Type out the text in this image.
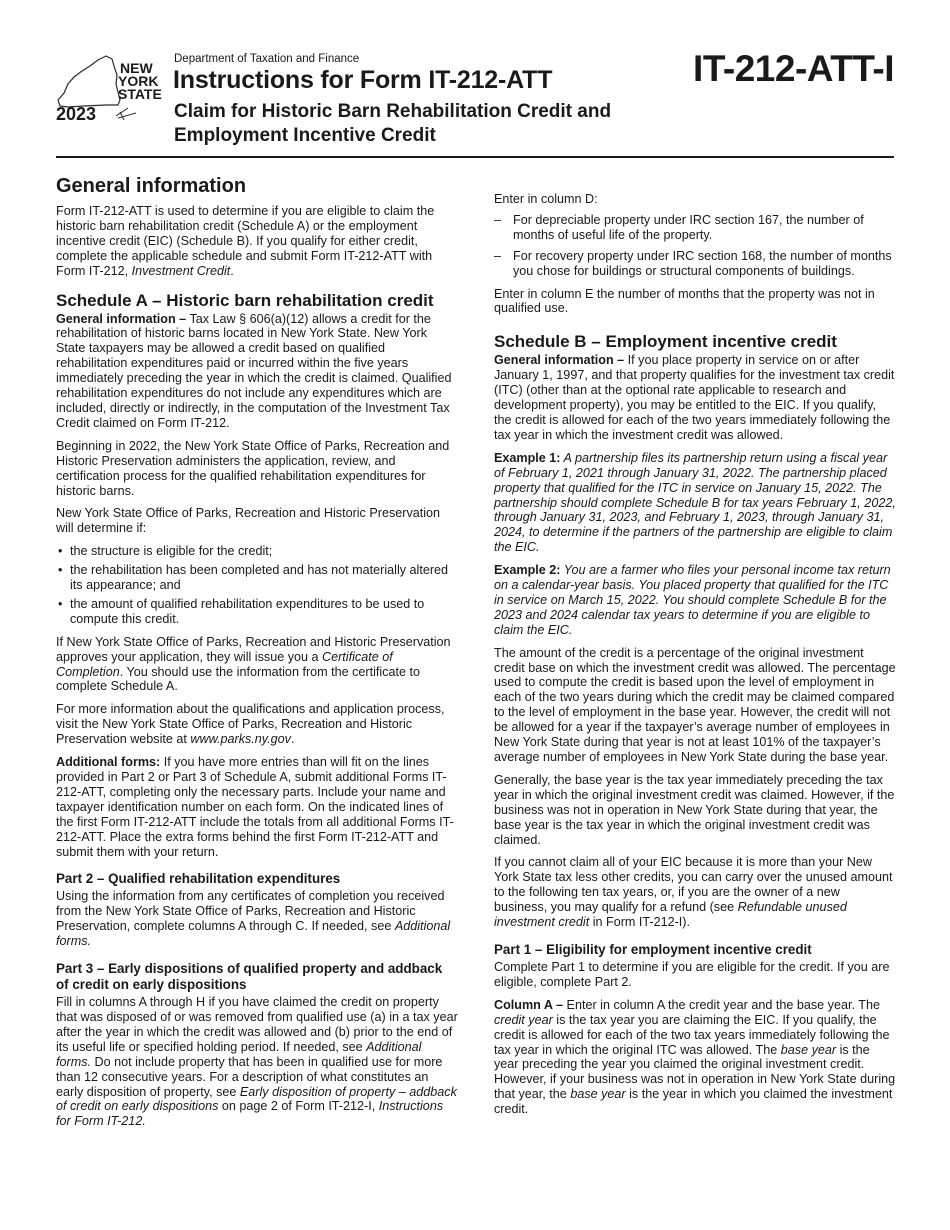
NEW
YORK
STATE
2023
Department of Taxation and Finance
Instructions for Form IT-212-ATT
Claim for Historic Barn Rehabilitation Credit and Employment Incentive Credit
IT-212-ATT-I
General information

Form IT-212-ATT is used to determine if you are eligible to claim the historic barn rehabilitation credit (Schedule A) or the employment incentive credit (EIC) (Schedule B). If you qualify for either credit, complete the applicable schedule and submit Form IT-212-ATT with Form IT-212, Investment Credit.

Schedule A – Historic barn rehabilitation credit

General information – Tax Law § 606(a)(12) allows a credit for the rehabilitation of historic barns located in New York State. New York State taxpayers may be allowed a credit based on qualified rehabilitation expenditures paid or incurred within the five years immediately preceding the year in which the credit is claimed. Qualified rehabilitation expenditures do not include any expenditures which are included, directly or indirectly, in the computation of the Investment Tax Credit claimed on Form IT-212.

Beginning in 2022, the New York State Office of Parks, Recreation and Historic Preservation administers the application, review, and certification process for the qualified rehabilitation expenditures for historic barns.

New York State Office of Parks, Recreation and Historic Preservation will determine if:

• the structure is eligible for the credit;
• the rehabilitation has been completed and has not materially altered its appearance; and
• the amount of qualified rehabilitation expenditures to be used to compute this credit.

If New York State Office of Parks, Recreation and Historic Preservation approves your application, they will issue you a Certificate of Completion. You should use the information from the certificate to complete Schedule A.

For more information about the qualifications and application process, visit the New York State Office of Parks, Recreation and Historic Preservation website at www.parks.ny.gov.

Additional forms: If you have more entries than will fit on the lines provided in Part 2 or Part 3 of Schedule A, submit additional Forms IT-212-ATT, completing only the necessary parts. Include your name and taxpayer identification number on each form. On the indicated lines of the first Form IT-212-ATT include the totals from all additional Forms IT-212-ATT. Place the extra forms behind the first Form IT-212-ATT and submit them with your return.

Part 2 – Qualified rehabilitation expenditures

Using the information from any certificates of completion you received from the New York State Office of Parks, Recreation and Historic Preservation, complete columns A through C. If needed, see Additional forms.

Part 3 – Early dispositions of qualified property and addback of credit on early dispositions

Fill in columns A through H if you have claimed the credit on property that was disposed of or was removed from qualified use (a) in a tax year after the year in which the credit was allowed and (b) prior to the end of its useful life or specified holding period. If needed, see Additional forms. Do not include property that has been in qualified use for more than 12 consecutive years. For a description of what constitutes an early disposition of property, see Early disposition of property – addback of credit on early dispositions on page 2 of Form IT-212-I, Instructions for Form IT-212.

Enter in column D:

– For depreciable property under IRC section 167, the number of months of useful life of the property.
– For recovery property under IRC section 168, the number of months you chose for buildings or structural components of buildings.

Enter in column E the number of months that the property was not in qualified use.

Schedule B – Employment incentive credit

General information – If you place property in service on or after January 1, 1997, and that property qualifies for the investment tax credit (ITC) (other than at the optional rate applicable to research and development property), you may be entitled to the EIC. If you qualify, the credit is allowed for each of the two years immediately following the tax year in which the investment credit was allowed.

Example 1: A partnership files its partnership return using a fiscal year of February 1, 2021 through January 31, 2022. The partnership placed property that qualified for the ITC in service on January 15, 2022. The partnership should complete Schedule B for tax years February 1, 2022, through January 31, 2023, and February 1, 2023, through January 31, 2024, to determine if the partners of the partnership are eligible to claim the EIC.

Example 2: You are a farmer who files your personal income tax return on a calendar-year basis. You placed property that qualified for the ITC in service on March 15, 2022. You should complete Schedule B for the 2023 and 2024 calendar tax years to determine if you are eligible to claim the EIC.

The amount of the credit is a percentage of the original investment credit base on which the investment credit was allowed. The percentage used to compute the credit is based upon the level of employment in each of the two years during which the credit may be claimed compared to the level of employment in the base year. However, the credit will not be allowed for a year if the taxpayer’s average number of employees in New York State during that year is not at least 101% of the taxpayer’s average number of employees in New York State during the base year.

Generally, the base year is the tax year immediately preceding the tax year in which the original investment credit was claimed. However, if the business was not in operation in New York State during that year, the base year is the tax year in which the original investment credit was claimed.

If you cannot claim all of your EIC because it is more than your New York State tax less other credits, you can carry over the unused amount to the following ten tax years, or, if you are the owner of a new business, you may qualify for a refund (see Refundable unused investment credit in Form IT-212-I).

Part 1 – Eligibility for employment incentive credit

Complete Part 1 to determine if you are eligible for the credit. If you are eligible, complete Part 2.

Column A – Enter in column A the credit year and the base year. The credit year is the tax year you are claiming the EIC. If you qualify, the credit is allowed for each of the two tax years immediately following the tax year in which the original ITC was allowed. The base year is the year preceding the year you claimed the original investment credit. However, if your business was not in operation in New York State during that year, the base year is the year in which you claimed the investment credit.
